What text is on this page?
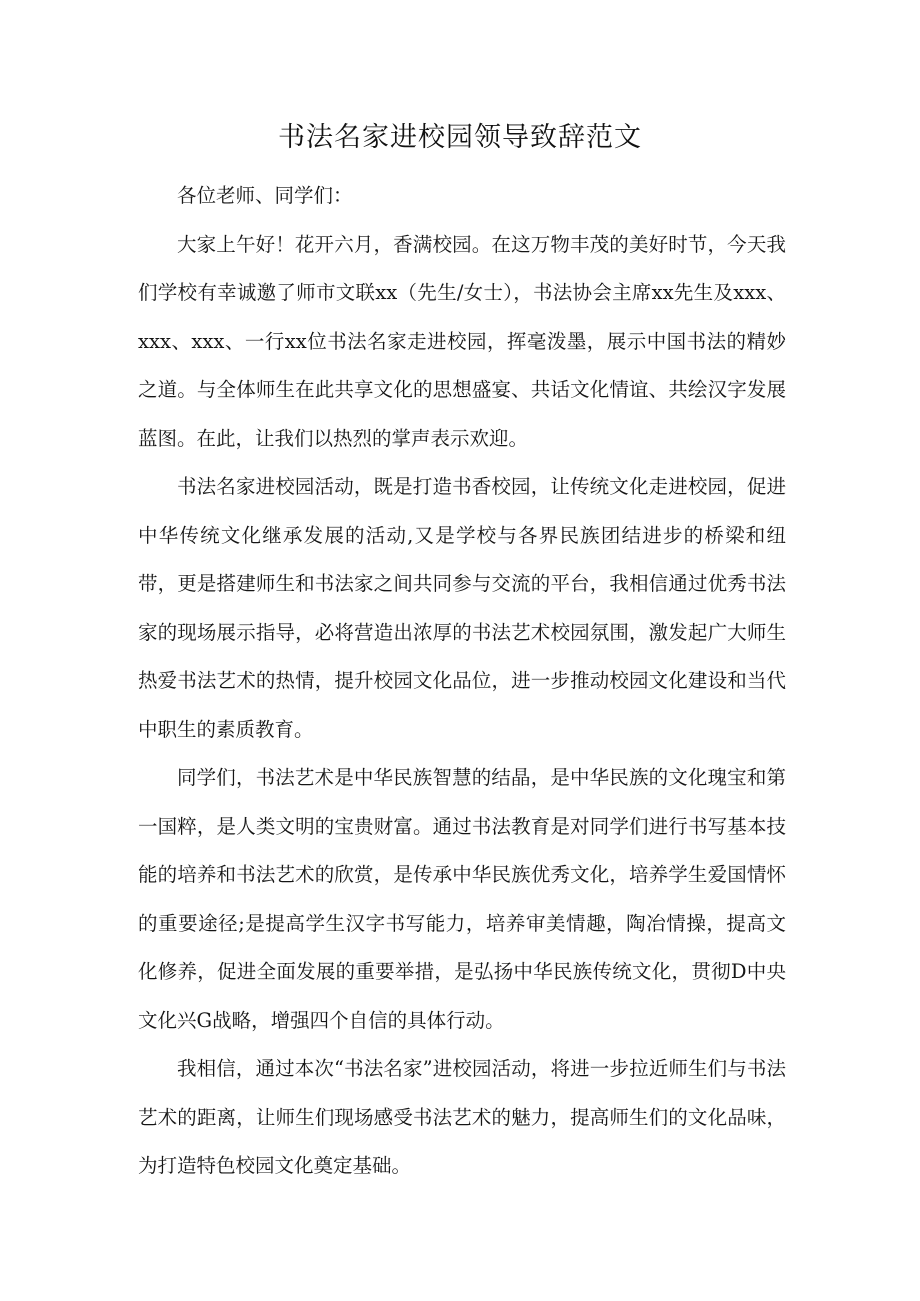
书法名家进校园领导致辞范文

各位老师、同学们：

大家上午好！花开六月，香满校园。在这万物丰茂的美好时节，今天我们学校有幸诚邀了师市文联xx（先生/女士），书法协会主席xx先生及xxx、xxx、xxx、一行xx位书法名家走进校园，挥毫泼墨，展示中国书法的精妙之道。与全体师生在此共享文化的思想盛宴、共话文化情谊、共绘汉字发展蓝图。在此，让我们以热烈的掌声表示欢迎。

书法名家进校园活动，既是打造书香校园，让传统文化走进校园，促进中华传统文化继承发展的活动,又是学校与各界民族团结进步的桥梁和纽带，更是搭建师生和书法家之间共同参与交流的平台，我相信通过优秀书法家的现场展示指导，必将营造出浓厚的书法艺术校园氛围，激发起广大师生热爱书法艺术的热情，提升校园文化品位，进一步推动校园文化建设和当代中职生的素质教育。

同学们，书法艺术是中华民族智慧的结晶，是中华民族的文化瑰宝和第一国粹，是人类文明的宝贵财富。通过书法教育是对同学们进行书写基本技能的培养和书法艺术的欣赏，是传承中华民族优秀文化，培养学生爱国情怀的重要途径;是提高学生汉字书写能力，培养审美情趣，陶冶情操，提高文化修养，促进全面发展的重要举措，是弘扬中华民族传统文化，贯彻D中央文化兴G战略，增强四个自信的具体行动。

我相信，通过本次“书法名家”进校园活动，将进一步拉近师生们与书法艺术的距离，让师生们现场感受书法艺术的魅力，提高师生们的文化品味，为打造特色校园文化奠定基础。
